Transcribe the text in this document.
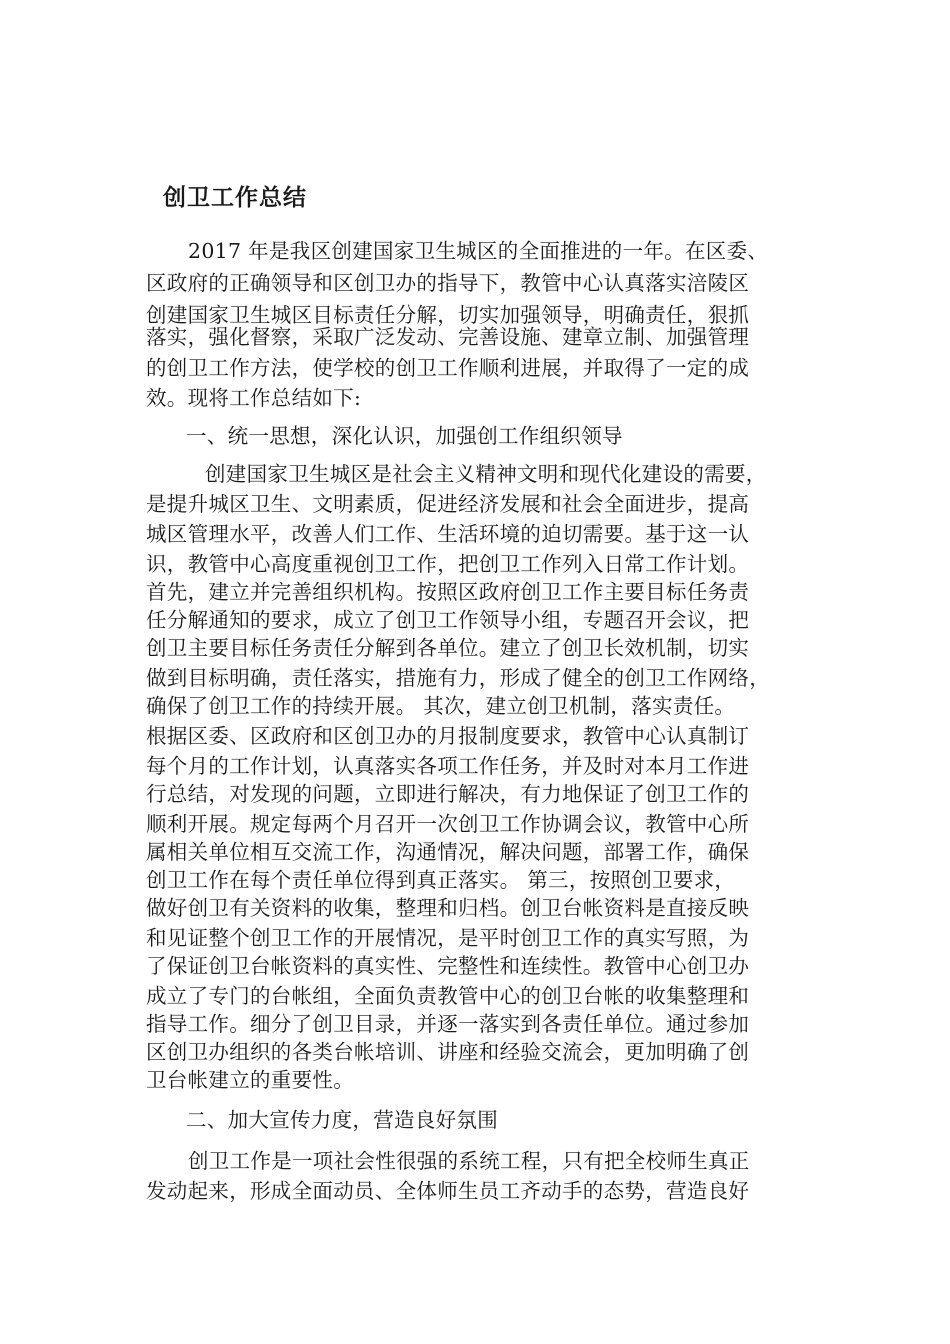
创卫工作总结

2017 年是我区创建国家卫生城区的全面推进的一年。在区委、

区政府的正确领导和区创卫办的指导下，教管中心认真落实涪陵区

创建国家卫生城区目标责任分解，切实加强领导，明确责任，狠抓

落实，强化督察，采取广泛发动、完善设施、建章立制、加强管理

的创卫工作方法，使学校的创卫工作顺利进展，并取得了一定的成

效。现将工作总结如下:

一、统一思想，深化认识，加强创工作组织领导

创建国家卫生城区是社会主义精神文明和现代化建设的需要，

是提升城区卫生、文明素质，促进经济发展和社会全面进步，提高

城区管理水平，改善人们工作、生活环境的迫切需要。基于这一认

识，教管中心高度重视创卫工作，把创卫工作列入日常工作计划。

首先，建立并完善组织机构。按照区政府创卫工作主要目标任务责

任分解通知的要求，成立了创卫工作领导小组，专题召开会议，把

创卫主要目标任务责任分解到各单位。建立了创卫长效机制，切实

做到目标明确，责任落实，措施有力，形成了健全的创卫工作网络，

确保了创卫工作的持续开展。 其次，建立创卫机制，落实责任。

根据区委、区政府和区创卫办的月报制度要求，教管中心认真制订

每个月的工作计划，认真落实各项工作任务，并及时对本月工作进

行总结，对发现的问题，立即进行解决，有力地保证了创卫工作的

顺利开展。规定每两个月召开一次创卫工作协调会议，教管中心所

属相关单位相互交流工作，沟通情况，解决问题，部署工作，确保

创卫工作在每个责任单位得到真正落实。 第三，按照创卫要求，

做好创卫有关资料的收集，整理和归档。创卫台帐资料是直接反映

和见证整个创卫工作的开展情况，是平时创卫工作的真实写照，为

了保证创卫台帐资料的真实性、完整性和连续性。教管中心创卫办

成立了专门的台帐组，全面负责教管中心的创卫台帐的收集整理和

指导工作。细分了创卫目录，并逐一落实到各责任单位。通过参加

区创卫办组织的各类台帐培训、讲座和经验交流会，更加明确了创

卫台帐建立的重要性。

二、加大宣传力度，营造良好氛围

创卫工作是一项社会性很强的系统工程，只有把全校师生真正

发动起来，形成全面动员、全体师生员工齐动手的态势，营造良好
